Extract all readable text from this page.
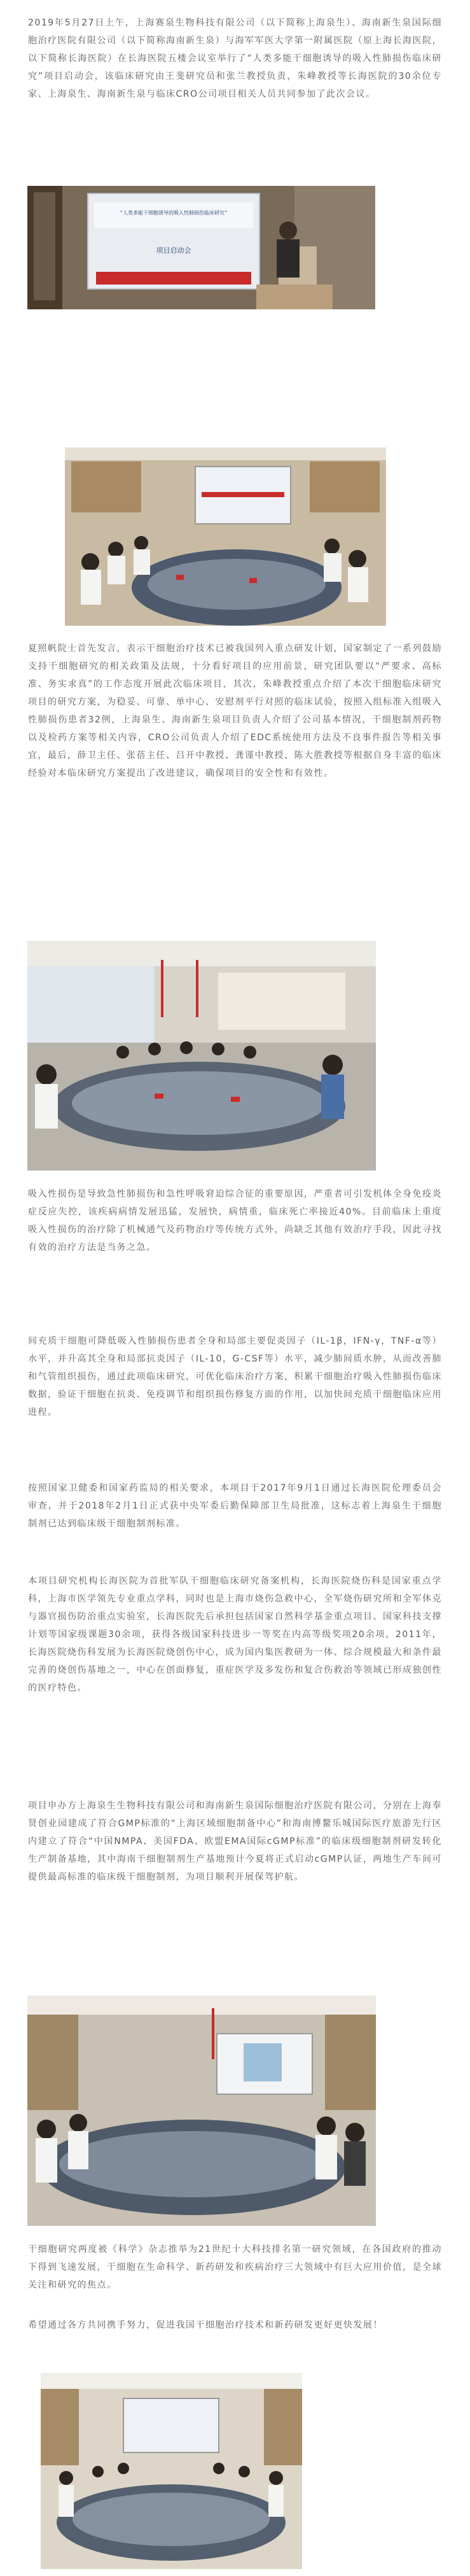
2019年5月27日上午，上海赛泉生物科技有限公司（以下简称上海泉生）、海南新生泉国际细胞治疗医院有限公司（以下简称海南新生泉）与海军军医大学第一附属医院（原上海长海医院，以下简称长海医院）在长海医院五楼会议室举行了“人类多能干细胞诱导的吸入性肺损伤临床研究”项目启动会，该临床研究由王斐研究员和张兰教授负责，朱峰教授等长海医院的30余位专家、上海泉生、海南新生泉与临床CRO公司项目相关人员共同参加了此次会议。

“人类多能干细胞诱导的吸入性肺损伤临床研究”
项目启动会
夏照帆院士首先发言，表示干细胞治疗技术已被我国列入重点研发计划，国家制定了一系列鼓励支持干细胞研究的相关政策及法规，十分看好项目的应用前景，研究团队要以“严要求、高标准、务实求真”的工作态度开展此次临床项目，其次，朱峰教授重点介绍了本次干细胞临床研究项目的研究方案，为稳妥、可靠、单中心、安慰剂平行对照的临床试验，按照入组标准入组吸入性肺损伤患者32例，上海泉生、海南新生泉项目负责人介绍了公司基本情况，干细胞制剂药物以及检药方案等相关内容，CRO公司负责人介绍了EDC系统使用方法及不良事件报告等相关事宜，最后，薛卫主任、张蓓主任、吕开中教授、龚谨中教授、陈大胜教授等根据自身丰富的临床经验对本临床研究方案提出了改进建议，确保项目的安全性和有效性。
吸入性损伤是导致急性肺损伤和急性呼吸窘迫综合征的重要原因，严重者可引发机体全身免疫炎症反应失控，该疾病病情发展迅猛，发展快，病情重，临床死亡率接近40%。目前临床上重度吸入性损伤的治疗除了机械通气及药物治疗等传统方式外，尚缺乏其他有效治疗手段，因此寻找有效的治疗方法是当务之急。
间充质干细胞可降低吸入性肺损伤患者全身和局部主要促炎因子（IL-1β，IFN-γ，TNF-α等）水平，并升高其全身和局部抗炎因子（IL-10，G-CSF等）水平，减少肺间质水肿，从而改善肺和气管组织损伤，通过此项临床研究，可优化临床治疗方案，积累干细胞治疗吸入性肺损伤临床数据，验证干细胞在抗炎、免疫调节和组织损伤修复方面的作用，以加快间充质干细胞临床应用进程。
按照国家卫健委和国家药监局的相关要求，本项目于2017年9月1日通过长海医院伦理委员会审查，并于2018年2月1日正式获中央军委后勤保障部卫生局批准，这标志着上海泉生干细胞制剂已达到临床级干细胞制剂标准。
本项目研究机构长海医院为首批军队干细胞临床研究备案机构，长海医院烧伤科是国家重点学科，上海市医学领先专业重点学科，同时也是上海市烧伤急救中心，全军烧伤研究所和全军休克与器官损伤防治重点实验室，长海医院先后承担包括国家自然科学基金重点项目、国家科技支撑计划等国家级课题30余项，获得各级国家科技进步一等奖在内高等级奖项20余项，2011年，长海医院烧伤科发展为长海医院烧创伤中心，成为国内集医教研为一体、综合规模最大和条件最完善的烧创伤基地之一，中心在创面修复，重症医学及多发伤和复合伤救治等领域已形成独创性的医疗特色。
项目申办方上海泉生生物科技有限公司和海南新生泉国际细胞治疗医院有限公司，分别在上海奉贤创业园建成了符合GMP标准的“上海区域细胞制备中心”和海南博鳌乐城国际医疗旅游先行区内建立了符合“中国NMPA、美国FDA、欧盟EMA国际cGMP标准”的临床级细胞制剂研发转化生产制备基地，其中海南干细胞制剂生产基地预计今夏将正式启动cGMP认证，两地生产车间可提供最高标准的临床级干细胞制剂，为项目顺利开展保驾护航。
干细胞研究两度被《科学》杂志推举为21世纪十大科技排名第一研究领域，在各国政府的推动下得到飞速发展，干细胞在生命科学、新药研发和疾病治疗三大领域中有巨大应用价值，是全球关注和研究的焦点。
希望通过各方共同携手努力，促进我国干细胞治疗技术和新药研发更好更快发展！
